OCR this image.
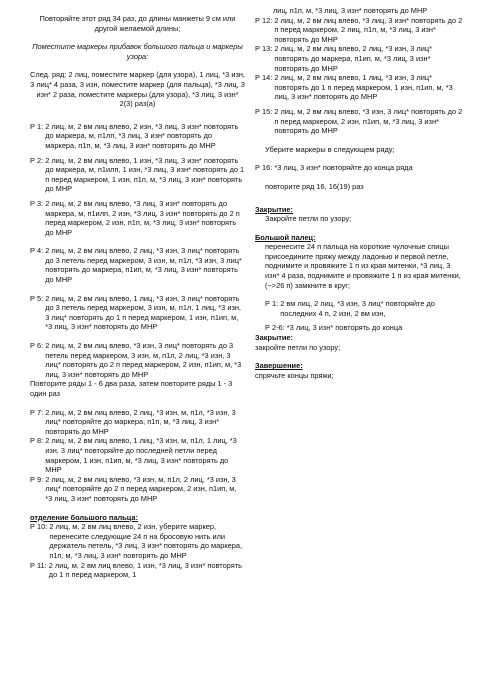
Повторяйте этот ряд 34 раз, до длины манжеты 9 см или другой желаемой длины;

Поместите маркеры прибавок большого пальца и маркеры узора:

След. ряд: 2 лиц, поместите маркер (для узора), 1 лиц, *3 изн, 3 лиц* 4 раза, 3 изн, поместите маркер (для пальца), *3 лиц, 3 изн* 2 раза, поместите маркеры (для узора), *3 лиц, 3 изн* 2(3) раз(а)

Р 1: 2 лиц, м, 2 вм лиц влево, 2 изн, *3 лиц, 3 изн* повторять до маркера, м, п1лп, *3 лиц, 3 изн* повторять до маркера, п1п, м, *3 лиц, 3 изн* повторять до МНР
Р 2: 2 лиц, м, 2 вм лиц влево, 1 изн, *3 лиц, 3 изн* повторять до маркера, м, п1илп, 1 изн, *3 лиц, 3 изн* повторять до 1 п перед маркером, 1 изн, п1п, м, *3 лиц, 3 изн* повторять до МНР
Р 3: 2 лиц, м, 2 вм лиц влево, *3 лиц, 3 изн* повторять до маркера, м, п1илп, 2 изн, *3 лиц, 3 изн* повторять до 2 п перед маркером, 2 изн, п1п, м, *3 лиц, 3 изн* повторять до МНР
Р 4: 2 лиц, м, 2 вм лиц влево, 2 лиц, *3 изн, 3 лиц* повторять до 3 петель перед маркером, 3 изн, м, п1л, *3 изн, 3 лиц* повторять до маркера, п1ип, м, *3 лиц, 3 изн* повторять до МНР
Р 5: 2 лиц, м, 2 вм лиц влево, 1 лиц, *3 изн, 3 лиц* повторять до 3 петель перед маркером, 3 изн, м, п1л, 1 лиц, *3 изн, 3 лиц* повторять до 1 п перед маркером, 1 изн, п1ип, м, *3 лиц, 3 изн* повторять до МНР
Р 6: 2 лиц, м, 2 вм лиц влево, *3 изн, 3 лиц* повторять до 3 петель перед маркером, 3 изн, м, п1л, 2 лиц, *3 изн, 3 лиц* повторять до 2 п перед маркером, 2 изн, п1ип, м, *3 лиц, 3 изн* повторять до МНР

Повторите ряды 1 - 6 два раза, затем повторите ряды 1 - 3 один раз

Р 7: 2 лиц, м, 2 вм лиц влево, 2 лиц, *3 изн, м, п1л, *3 изн, 3 лиц* повторяйте до маркера, п1п, м, *3 лиц, 3 изн* повторять до МНР
Р 8: 2 лиц, м, 2 вм лиц влево, 1 лиц, *3 изн, м, п1л, 1 лиц, *3 изн, 3 лиц* повторяйте до последней петли перед маркером, 1 изн, п1ип, м, *3 лиц, 3 изн* повторять до МНР
Р 9: 2 лиц, м, 2 вм лиц влево, *3 изн, м, п1л, 2 лиц, *3 изн, 3 лиц* повторяйте до 2 п перед маркером, 2 изн, п1ип, м, *3 лиц, 3 изн* повторять до МНР

отделение большого пальца:

Р 10: 2 лиц, м, 2 вм лиц влево, 2 изн, уберите маркер, перенесите следующие 24 п на бросовую нить или держатель петель, *3 лиц, 3 изн* повторять до маркера, п1п, м, *3 лиц, 3 изн* повторять до МНР
Р 11: 2 лиц, м, 2 вм лиц влево, 1 изн, *3 лиц, 3 изн* повторять до 1 п перед маркером, 1

лиц, п1п, м, *3 лиц, 3 изн* повторять до МНР

Р 12: 2 лиц, м, 2 вм лиц влево, *3 лиц, 3 изн* повторять до 2 п перед маркером, 2 лиц, п1п, м, *3 лиц, 3 изн* повторять до МНР
Р 13: 2 лиц, м, 2 вм лиц влево, 2 лиц, *3 изн, 3 лиц* повторять до маркера, п1ип, м, *3 лиц, 3 изн* повторять до МНР
Р 14: 2 лиц, м, 2 вм лиц влево, 1 лиц, *3 изн, 3 лиц* повторять до 1 п перед маркером, 1 изн, п1ип, м, *3 лиц, 3 изн* повторять до МНР
Р 15: 2 лиц, м, 2 вм лиц влево, *3 изн, 3 лиц* повторять до 2 п перед маркером, 2 изн, п1ип, м, *3 лиц, 3 изн* повторять до МНР

Уберите маркеры в следующем ряду;

Р 16: *3 лиц, 3 изн* повторяйте до конца ряда

повторите ряд 16, 16(19) раз

Закрытие:

Закройте петли по узору;

Большой палец:

перенесите 24 п пальца на короткие чулочные спицы

присоедините пряжу между ладонью и первой петле, поднимите и провяжите 1 п из края митенки, *3 лиц, 3 изн* 4 раза, поднимите и провяжите 1 п из края митенки, (~>26 п) замкните в круг;

Р 1: 2 вм лиц, 2 лиц, *3 изн, 3 лиц* повторяйте до последних 4 п, 2 изн, 2 вм изн,
Р 2-6: *3 лиц, 3 изн* повторять до конца

Закрытие:

закройте петли по узору;

Завершение:

спрячьте концы пряжи;
